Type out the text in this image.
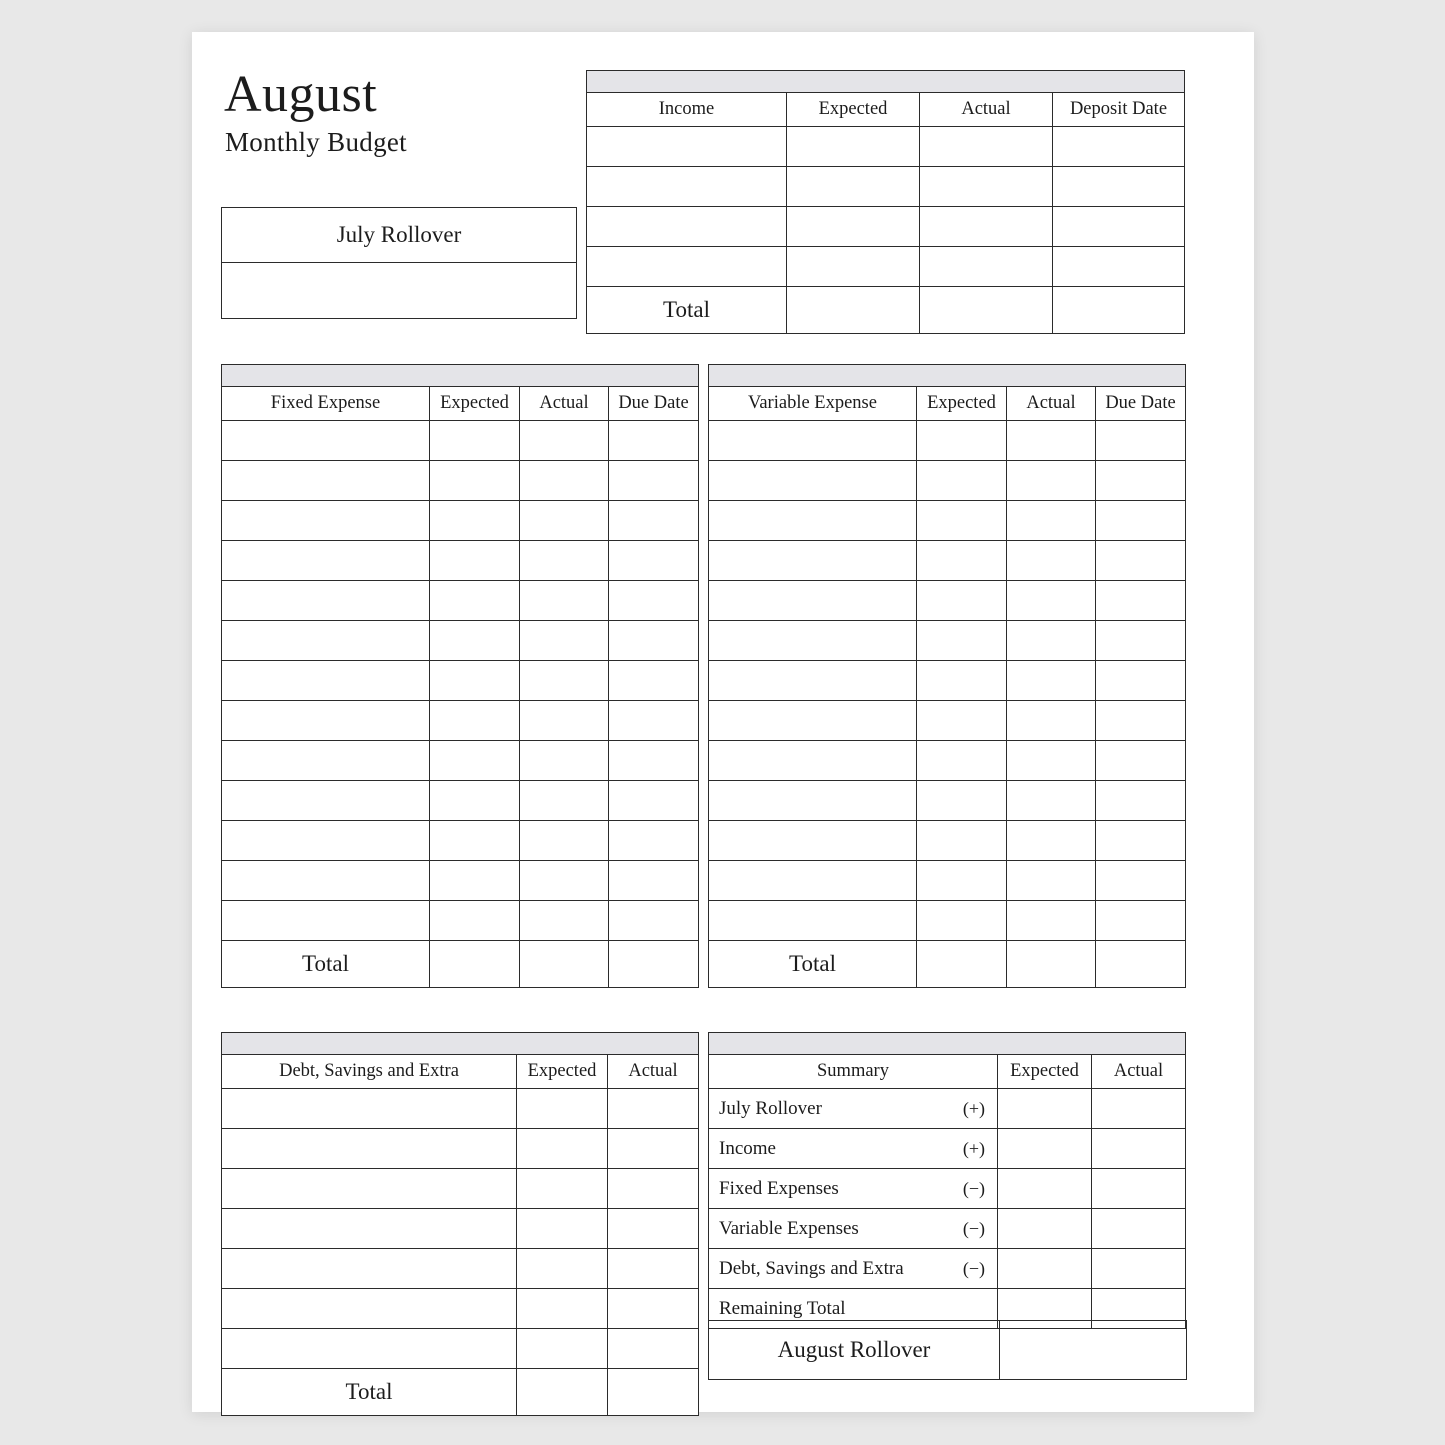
August
Monthly Budget
July Rollover

Income	Expected	Actual	Deposit Date

Total			

Fixed Expense	Expected	Actual	Due Date

Total			

Variable Expense	Expected	Actual	Due Date

Total			

Debt, Savings and Extra	Expected	Actual

Total		

Summary	Expected	Actual
July Rollover (+)		

Income (+)		

Fixed Expenses (−)		

Variable Expenses (−)		

Debt, Savings and Extra (−)		

Remaining Total

August Rollover
